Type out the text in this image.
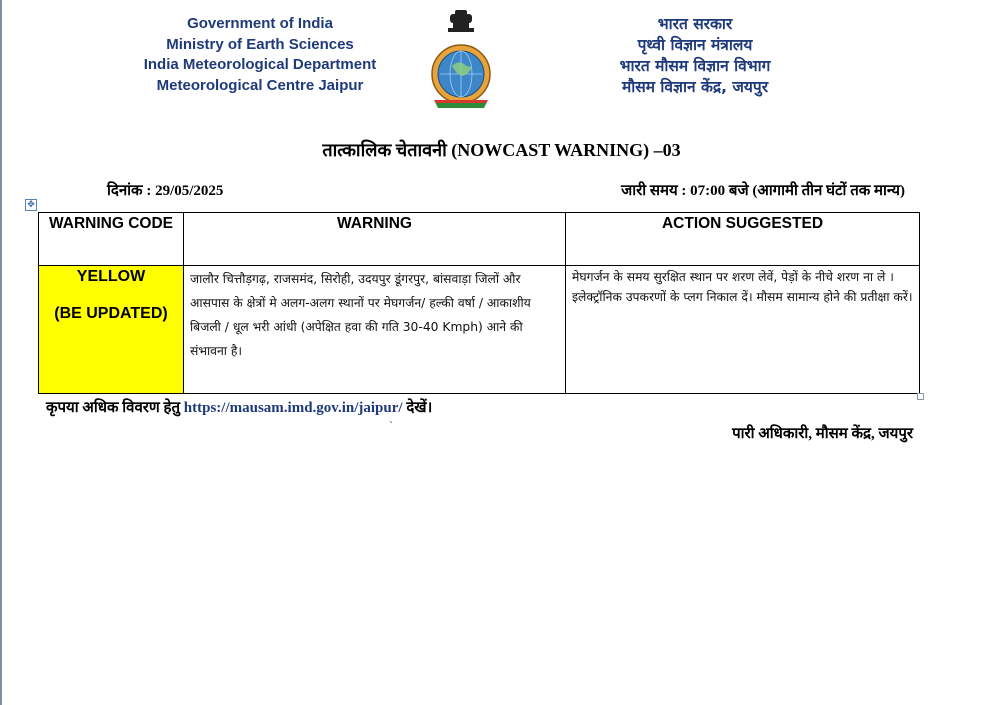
Government of India
Ministry of Earth Sciences
India Meteorological Department
Meteorological Centre Jaipur
भारत सरकार
पृथ्वी विज्ञान मंत्रालय
भारत मौसम विज्ञान विभाग
मौसम विज्ञान केंद्र, जयपुर
तात्कालिक चेतावनी (NOWCAST WARNING) –03
दिनांक : 29/05/2025	जारी समय : 07:00 बजे (आगामी तीन घंटों तक मान्य)
✥
WARNING CODE	WARNING	ACTION SUGGESTED

YELLOW
(BE UPDATED)	जालौर चित्तौड़गढ़, राजसमंद, सिरोही, उदयपुर डूंगरपुर, बांसवाड़ा जिलों और आसपास के क्षेत्रों मे अलग-अलग स्थानों पर मेघगर्जन/ हल्की वर्षा / आकाशीय बिजली / धूल भरी आंधी (अपेक्षित हवा की गति 30-40 Kmph) आने की संभावना है।	मेघगर्जन के समय सुरक्षित स्थान पर शरण लेवें, पेड़ों के नीचे शरण ना ले । इलेक्ट्रॉनिक उपकरणों के प्लग निकाल दें। मौसम सामान्य होने की प्रतीक्षा करें।
कृपया अधिक विवरण हेतु https://mausam.imd.gov.in/jaipur/ देखें।
`	पारी अधिकारी, मौसम केंद्र, जयपुर
